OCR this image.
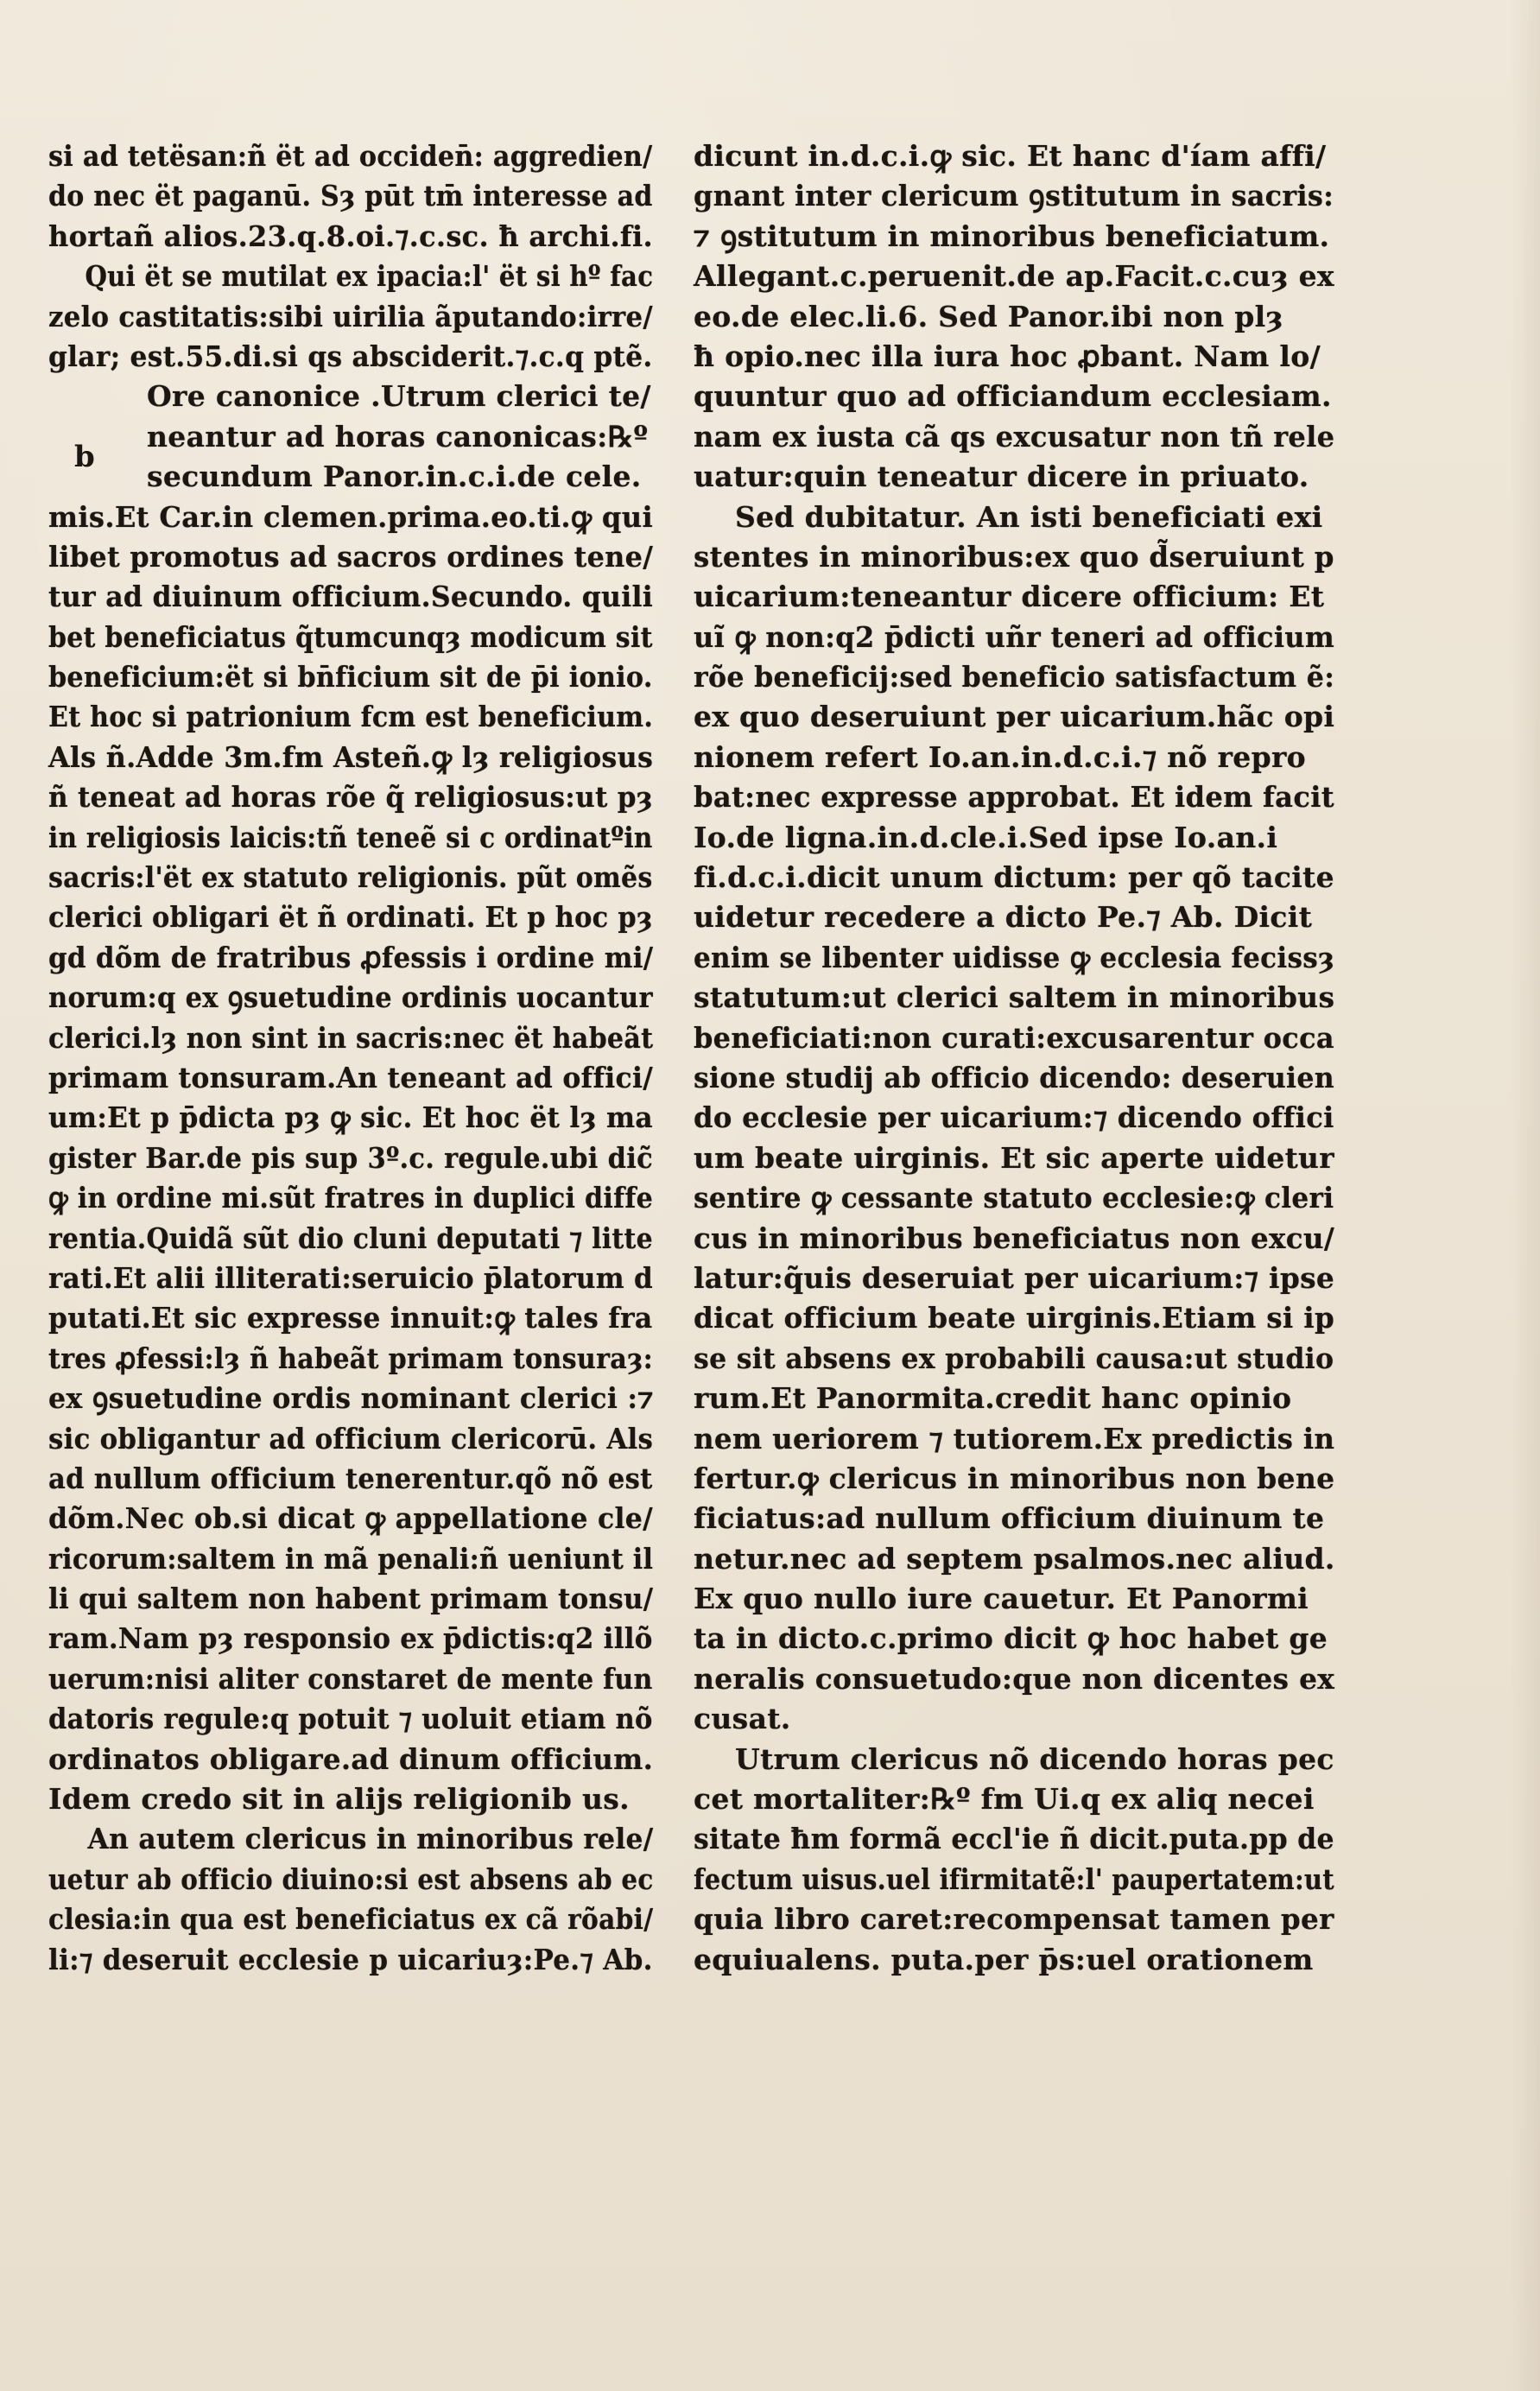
b
si ad tetësan:ñ ët ad occiden̄: aggredien/
do nec ët paganū. Sȝ pūt tm̄ interesse ad
hortañ alios.23.q.8.oi.⁊.c.sc. ħ archi.fi.
Qui ët se mutilat ex ipacia:l' ët si hº fac
zelo castitatis:sibi uirilia ãputando:irre/
glar; est.55.di.si qs absciderit.⁊.c.q ptẽ.
Ore canonice .Utrum clerici te/
neantur ad horas canonicas:℞º
secundum Panor.in.c.i.de cele.
mis.Et Car.in clemen.prima.eo.ti.ꝙ qui
libet promotus ad sacros ordines tene/
tur ad diuinum officium.Secundo. quili
bet beneficiatus q̃tumcunqȝ modicum sit
beneficium:ët si bn̄ficium sit de p̄i ionio.
Et hoc si patrionium fcm est beneficium.
Als ñ.Adde 3m.fm Asteñ.ꝙ lȝ religiosus
ñ teneat ad horas rõe q̃ religiosus:ut pȝ
in religiosis laicis:tñ teneẽ si c ordinatºin
sacris:l'ët ex statuto religionis. pũt omẽs
clerici obligari ët ñ ordinati. Et p hoc pȝ
gd dõm de fratribus ꝓfessis i ordine mi/
norum:q ex ꝯsuetudine ordinis uocantur
clerici.lȝ non sint in sacris:nec ët habeãt
primam tonsuram.An teneant ad offici/
um:Et p p̄dicta pȝ ꝙ sic. Et hoc ët lȝ ma
gister Bar.de pis sup 3º.c. regule.ubi dic̃
ꝙ in ordine mi.sũt fratres in duplici diffe
rentia.Quidã sũt dio cluni deputati ⁊ litte
rati.Et alii illiterati:seruicio p̄latorum d
putati.Et sic expresse innuit:ꝙ tales fra
tres ꝓfessi:lȝ ñ habeãt primam tonsuraȝ:
ex ꝯsuetudine ordis nominant clerici :⁊
sic obligantur ad officium clericorū. Als
ad nullum officium tenerentur.qõ nõ est
dõm.Nec ob.si dicat ꝙ appellatione cle/
ricorum:saltem in mã penali:ñ ueniunt il
li qui saltem non habent primam tonsu/
ram.Nam pȝ responsio ex p̄dictis:q2 illõ
uerum:nisi aliter constaret de mente fun
datoris regule:q potuit ⁊ uoluit etiam nõ
ordinatos obligare.ad dinum officium.
Idem credo sit in alijs religionib us.
An autem clericus in minoribus rele/
uetur ab officio diuino:si est absens ab ec
clesia:in qua est beneficiatus ex cã rõabi/
li:⁊ deseruit ecclesie p uicariuȝ:Pe.⁊ Ab.
dicunt in.d.c.i.ꝙ sic. Et hanc d'íam affi/
gnant inter clericum ꝯstitutum in sacris:
⁊ ꝯstitutum in minoribus beneficiatum.
Allegant.c.peruenit.de ap.Facit.c.cuȝ ex
eo.de elec.li.6. Sed Panor.ibi non plȝ
ħ opio.nec illa iura hoc ꝓbant. Nam lo/
quuntur quo ad officiandum ecclesiam.
nam ex iusta cã qs excusatur non tñ rele
uatur:quin teneatur dicere in priuato.
Sed dubitatur. An isti beneficiati exi
stentes in minoribus:ex quo d̃seruiunt p
uicarium:teneantur dicere officium: Et
uĩ ꝙ non:q2 p̄dicti uñr teneri ad officium
rõe beneficij:sed beneficio satisfactum ẽ:
ex quo deseruiunt per uicarium.hãc opi
nionem refert Io.an.in.d.c.i.⁊ nõ repro
bat:nec expresse approbat. Et idem facit
Io.de ligna.in.d.cle.i.Sed ipse Io.an.i
fi.d.c.i.dicit unum dictum: per qõ tacite
uidetur recedere a dicto Pe.⁊ Ab. Dicit
enim se libenter uidisse ꝙ ecclesia fecissȝ
statutum:ut clerici saltem in minoribus
beneficiati:non curati:excusarentur occa
sione studij ab officio dicendo: deseruien
do ecclesie per uicarium:⁊ dicendo offici
um beate uirginis. Et sic aperte uidetur
sentire ꝙ cessante statuto ecclesie:ꝙ cleri
cus in minoribus beneficiatus non excu/
latur:q̃uis deseruiat per uicarium:⁊ ipse
dicat officium beate uirginis.Etiam si ip
se sit absens ex probabili causa:ut studio
rum.Et Panormita.credit hanc opinio
nem ueriorem ⁊ tutiorem.Ex predictis in
fertur.ꝙ clericus in minoribus non bene
ficiatus:ad nullum officium diuinum te
netur.nec ad septem psalmos.nec aliud.
Ex quo nullo iure cauetur. Et Panormi
ta in dicto.c.primo dicit ꝙ hoc habet ge
neralis consuetudo:que non dicentes ex
cusat.
Utrum clericus nõ dicendo horas pec
cet mortaliter:℞º fm Ui.q ex aliq necei
sitate ħm formã eccl'ie ñ dicit.puta.pp de
fectum uisus.uel ifirmitatẽ:l' paupertatem:ut
quia libro caret:recompensat tamen per
equiualens. puta.per p̄s:uel orationem
